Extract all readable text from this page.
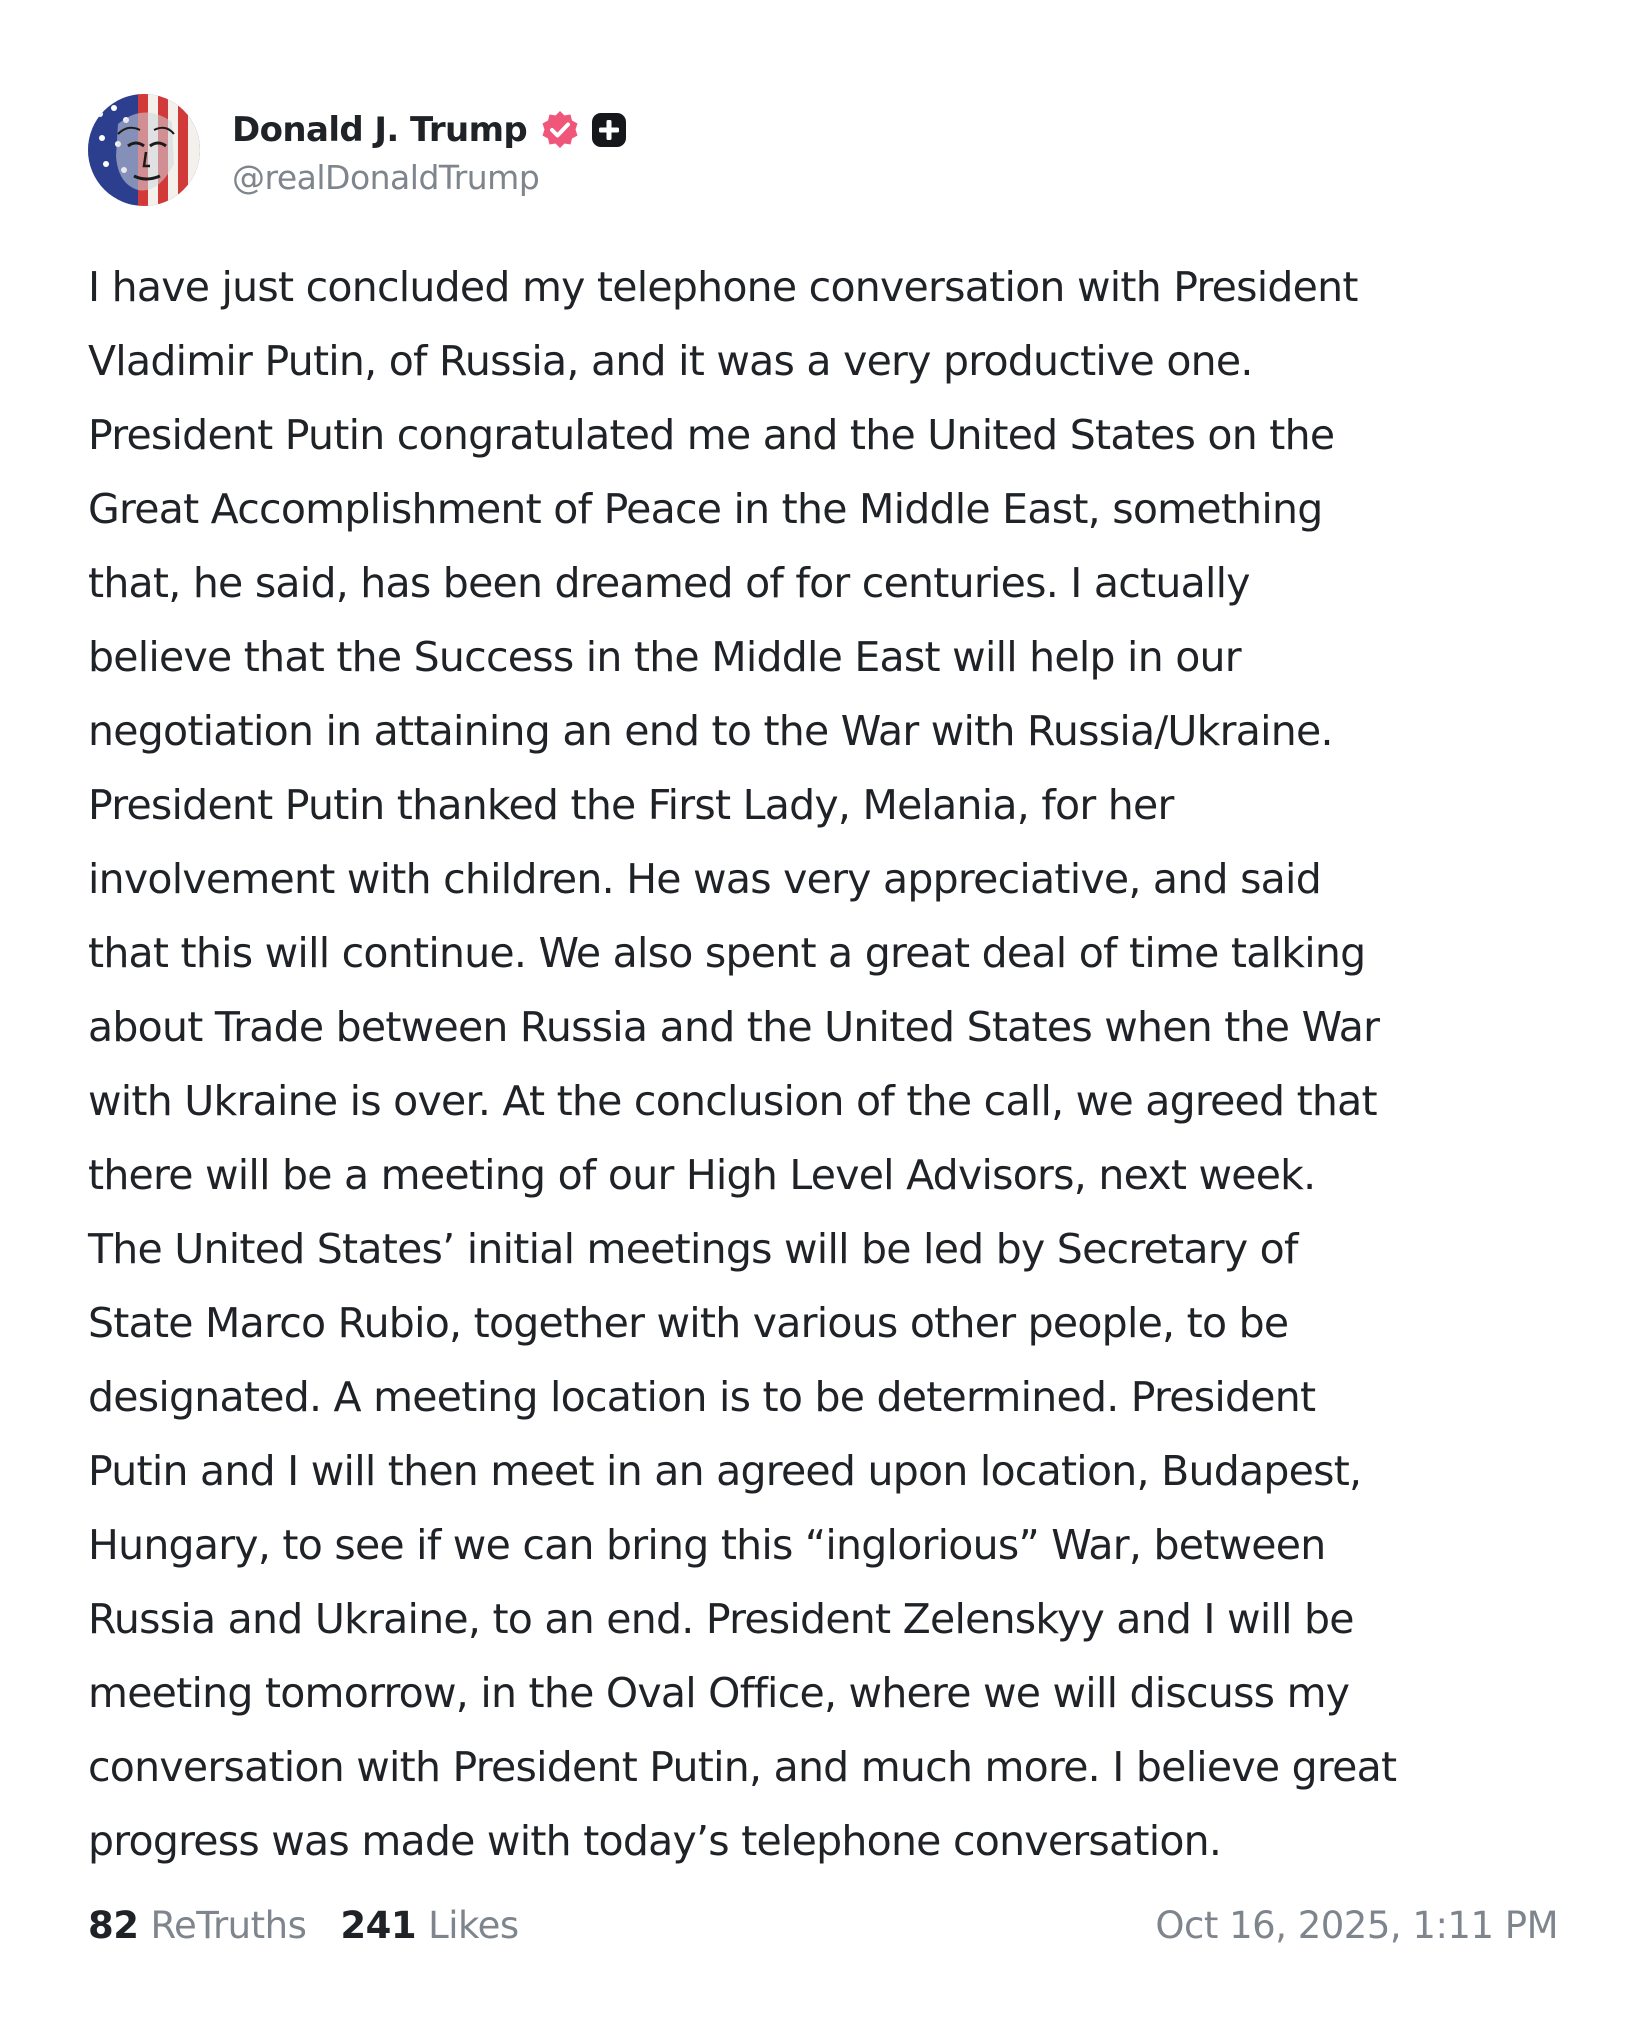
Donald J. Trump
@realDonaldTrump
I have just concluded my telephone conversation with President
Vladimir Putin, of Russia, and it was a very productive one.
President Putin congratulated me and the United States on the
Great Accomplishment of Peace in the Middle East, something
that, he said, has been dreamed of for centuries. I actually
believe that the Success in the Middle East will help in our
negotiation in attaining an end to the War with Russia/Ukraine.
President Putin thanked the First Lady, Melania, for her
involvement with children. He was very appreciative, and said
that this will continue. We also spent a great deal of time talking
about Trade between Russia and the United States when the War
with Ukraine is over. At the conclusion of the call, we agreed that
there will be a meeting of our High Level Advisors, next week.
The United States’ initial meetings will be led by Secretary of
State Marco Rubio, together with various other people, to be
designated. A meeting location is to be determined. President
Putin and I will then meet in an agreed upon location, Budapest,
Hungary, to see if we can bring this “inglorious” War, between
Russia and Ukraine, to an end. President Zelenskyy and I will be
meeting tomorrow, in the Oval Office, where we will discuss my
conversation with President Putin, and much more. I believe great
progress was made with today’s telephone conversation.
82 ReTruths 241 Likes	Oct 16, 2025, 1:11 PM
